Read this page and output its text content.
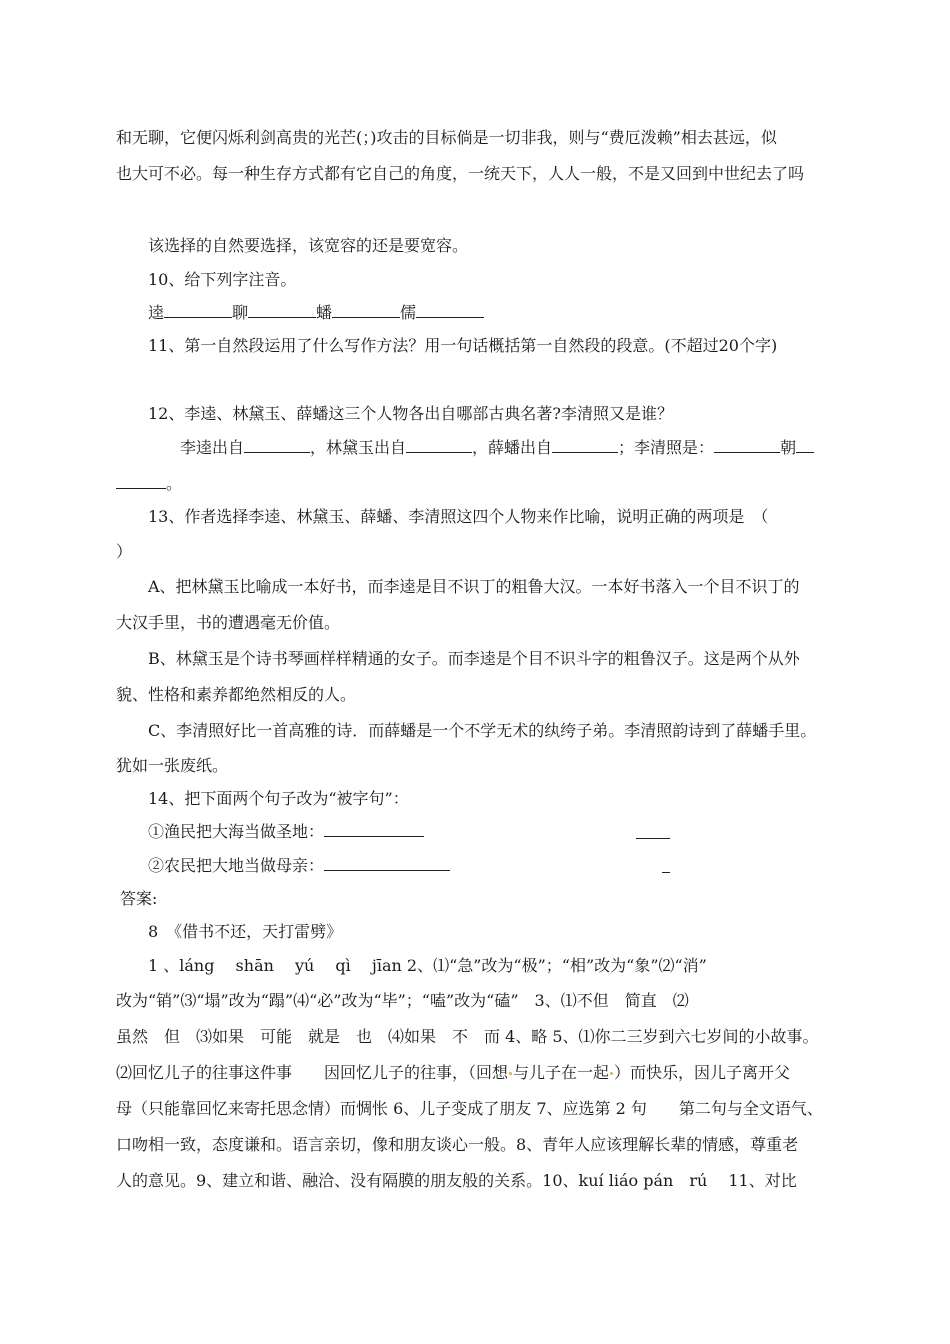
和无聊，它便闪烁利剑高贵的光芒(；)攻击的目标倘是一切非我，则与“费厄泼赖”相去甚远，似

也大可不必。每一种生存方式都有它自己的角度，一统天下，人人一般，不是又回到中世纪去了吗

该选择的自然要选择，该宽容的还是要宽容。

10、给下列字注音。

逵	聊	蟠	儒

11、第一自然段运用了什么写作方法？用一句话概括第一自然段的段意。(不超过20个字)

12、李逵、林黛玉、薛蟠这三个人物各出自哪部古典名著?李清照又是谁？

李逵出自	，林黛玉出自	，薛蟠出自	；李清照是：	朝

。

13、作者选择李逵、林黛玉、薛蟠、李清照这四个人物来作比喻，说明正确的两项是　（

）

A、把林黛玉比喻成一本好书，而李逵是目不识丁的粗鲁大汉。一本好书落入一个目不识丁的

大汉手里，书的遭遇毫无价值。

B、林黛玉是个诗书琴画样样精通的女子。而李逵是个目不识斗字的粗鲁汉子。这是两个从外

貌、性格和素养都绝然相反的人。

C、李清照好比一首高雅的诗．而薛蟠是一个不学无术的纨绔子弟。李清照韵诗到了薛蟠手里。

犹如一张废纸。

14、把下面两个句子改为“被字句”：

①渔民把大海当做圣地：

②农民把大地当做母亲：

答案:

8　《借书不还，天打雷劈》

1 、láng　 shān　 yú　 qì　 jīan 2、⑴“急”改为“极”；“相”改为“象”⑵“消”

改为“销”⑶“塌”改为“蹋”⑷“必”改为“毕”；“嗑”改为“磕”　3、⑴不但　简直　⑵

虽然　但　⑶如果　可能　就是　也　⑷如果　不　而 4、略 5、⑴你二三岁到六七岁间的小故事。

⑵回忆儿子的往事这件事　　因回忆儿子的往事，（回想 与儿子在一起 ）而快乐，因儿子离开父

母（只能靠回忆来寄托思念情）而惆怅 6、儿子变成了朋友 7、应选第 2 句　　第二句与全文语气、

口吻相一致，态度谦和。语言亲切，像和朋友谈心一般。8、青年人应该理解长辈的情感，尊重老

人的意见。9、建立和谐、融洽、没有隔膜的朋友般的关系。10、kuí liáo pán　rú　 11、对比
